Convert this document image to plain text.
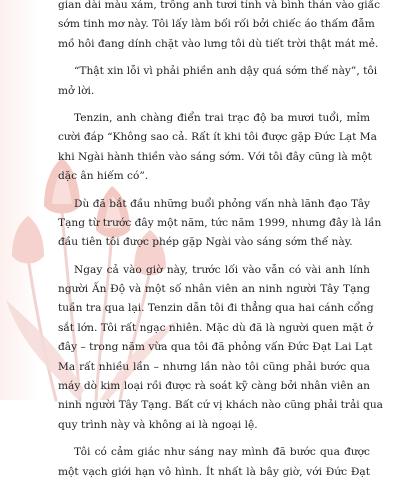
gian dài màu xám, trông anh tươi tỉnh và bình thản vào giấc
sớm tinh mơ này. Tôi lấy làm bối rối bởi chiếc áo thấm đẫm
mồ hôi đang dính chặt vào lưng tôi dù tiết trời thật mát mẻ.
“Thật xin lỗi vì phải phiền anh dậy quá sớm thế này”, tôi
mở lời.
Tenzin, anh chàng điển trai trạc độ ba mươi tuổi, mỉm
cười đáp “Không sao cả. Rất ít khi tôi được gặp Đức Lạt Ma
khi Ngài hành thiền vào sáng sớm. Với tôi đây cũng là một
dặc ân hiếm có”.
Dù đã bắt đầu những buổi phỏng vấn nhà lãnh đạo Tây
Tạng từ trước đây một năm, tức năm 1999, nhưng đây là lần
đầu tiên tôi được phép gặp Ngài vào sáng sớm thế này.
Ngay cả vào giờ này, trước lối vào vẫn có vài anh lính
người Ấn Độ và một số nhân viên an ninh người Tây Tạng
tuần tra qua lại. Tenzin dẫn tôi đi thẳng qua hai cánh cổng
sắt lớn. Tôi rất ngạc nhiên. Mặc dù đã là người quen mặt ở
đây – trong năm vừa qua tôi đã phỏng vấn Đức Đạt Lai Lạt
Ma rất nhiều lần – nhưng lần nào tôi cũng phải bước qua
máy dò kim loại rồi được rà soát kỹ càng bởi nhân viên an
ninh người Tây Tạng. Bất cứ vị khách nào cũng phải trải qua
quy trình này và không ai là ngoại lệ.
Tôi có cảm giác như sáng nay mình đã bước qua được
một vạch giới hạn vô hình. Ít nhất là bây giờ, với Đức Đạt
